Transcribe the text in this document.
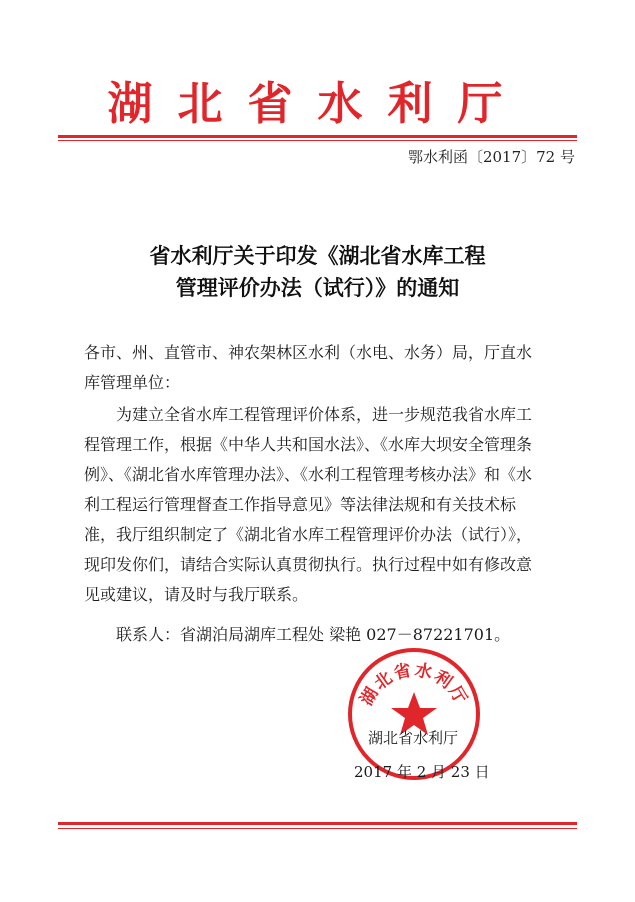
湖北省水利厅
鄂水利函〔2017〕72 号
省水利厅关于印发《湖北省水库工程
管理评价办法（试行）》的通知
各市、州、直管市、神农架林区水利（水电、水务）局，厅直水
库管理单位：
为建立全省水库工程管理评价体系，进一步规范我省水库工
程管理工作，根据《中华人共和国水法》、《水库大坝安全管理条
例》、《湖北省水库管理办法》、《水利工程管理考核办法》和《水
利工程运行管理督查工作指导意见》等法律法规和有关技术标
准，我厅组织制定了《湖北省水库工程管理评价办法（试行）》，
现印发你们，请结合实际认真贯彻执行。执行过程中如有修改意
见或建议，请及时与我厅联系。
联系人：省湖泊局湖库工程处 梁艳 027－87221701。
湖北省水利厅
湖北省水利厅
2017 年 2 月 23 日
